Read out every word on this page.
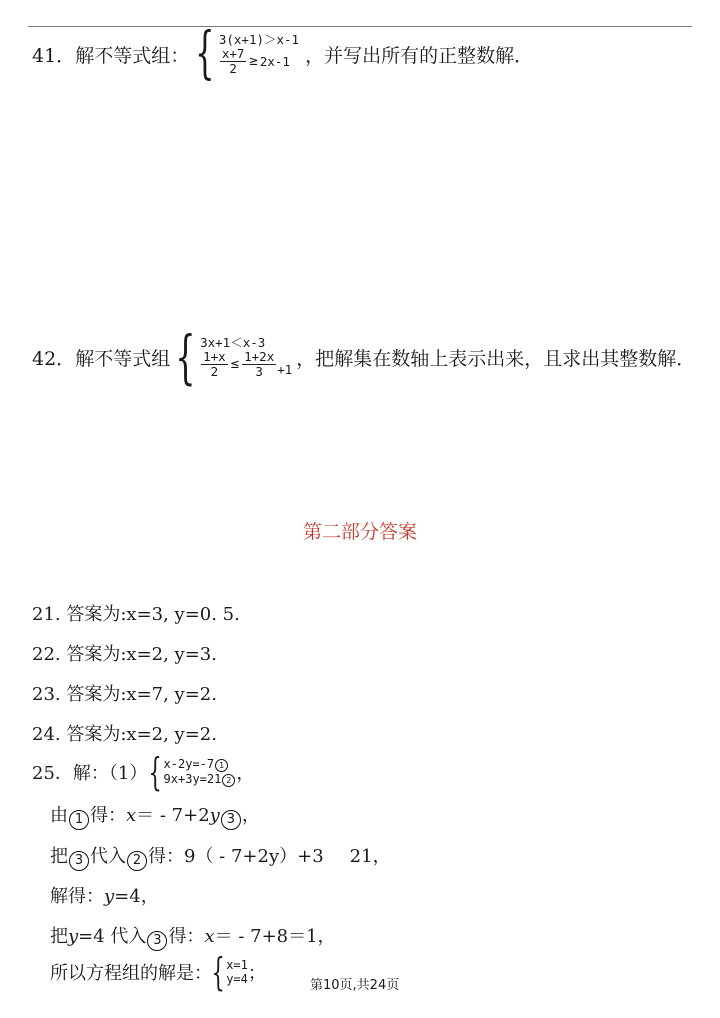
41． 解不等式组： { 3(x+1)＞x-1
$\frac{x+7}{2} \ge 2x-1$ ，并写出所有的正整数解．
42． 解不等式组 { 3x+1＜x-3
$\frac{1+x}{2} \le \frac{1+2x}{3} +1$
，把解集在数轴上表示出来，且求出其整数解．
第二部分答案
21. 答案为:x=3, y=0. 5.
22. 答案为:x=2, y=3.
23. 答案为:x=7, y=2.
24. 答案为:x=2, y=2.
25．解：（1） { x-2y=-7 1
9x+3y=21 2 ，
由 1 得：x＝ - 7+2y 3 ，
把 3 代入 2 得：9（ - 7+2y）+3 21，
解得：y=4，
把y=4 代入 3 得：x＝ - 7+8＝1，
所以方程组的解是： { x=1
y=4 ；
第10页,共24页
